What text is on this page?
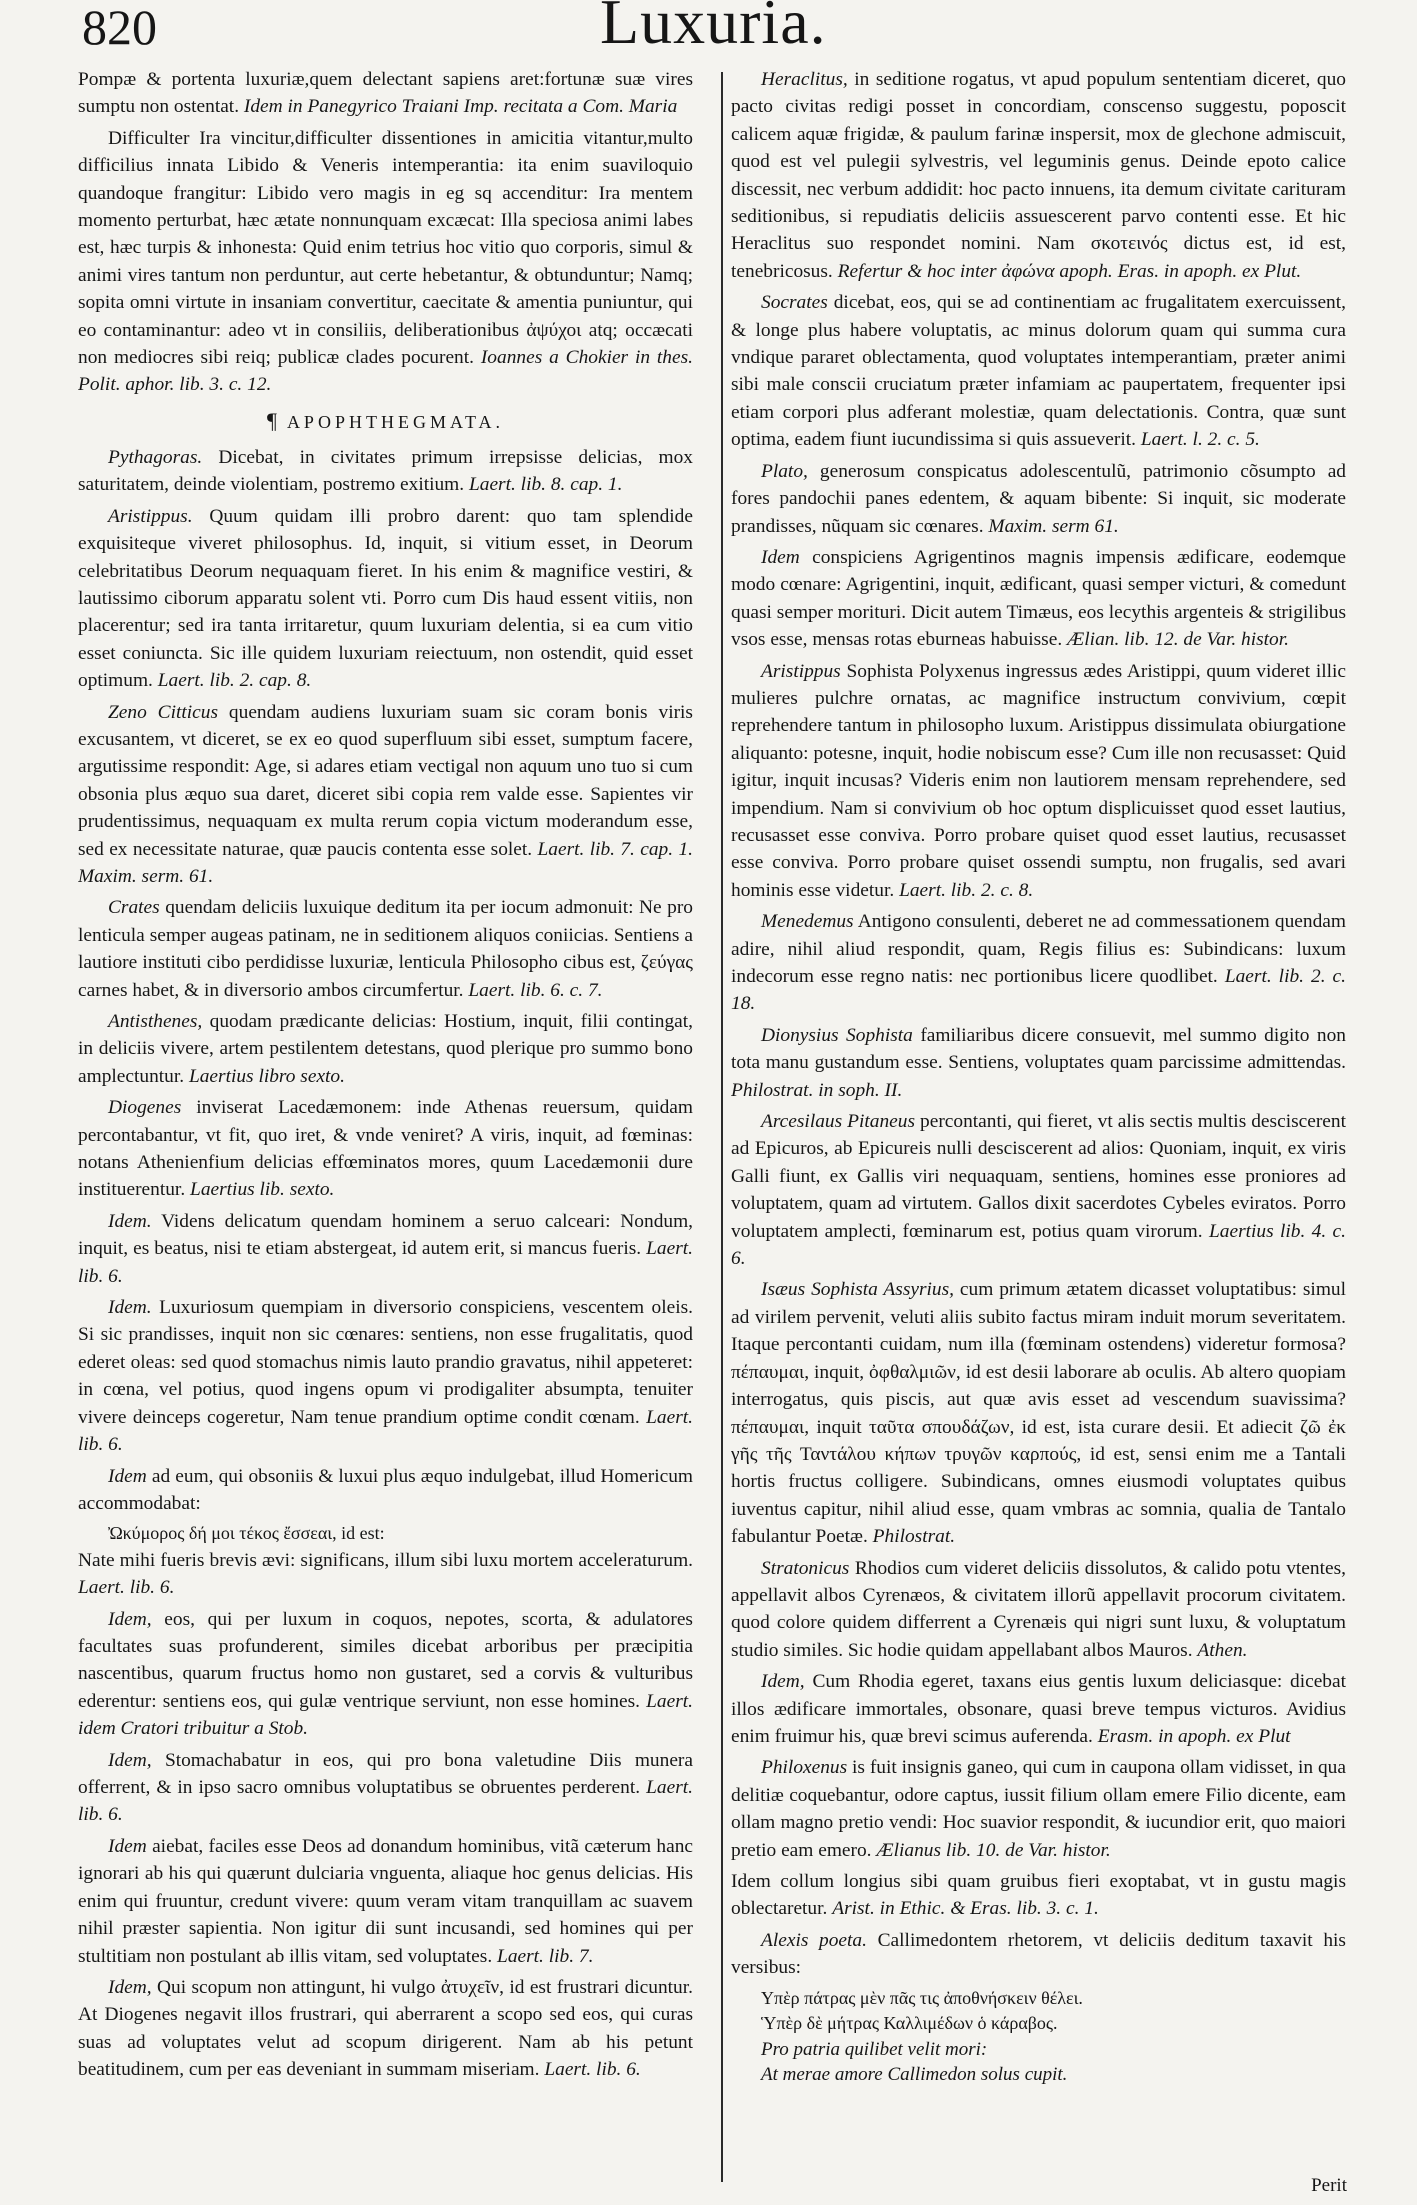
820	Luxuria.

Pompæ & portenta luxuriæ,quem delectant sapiens aret:fortunæ suæ vires sumptu non ostentat. Idem in Panegyrico Traiani Imp. recitata a Com. Maria

Difficulter Ira vincitur,difficulter dissentiones in amicitia vitantur,multo difficilius innata Libido & Veneris intemperantia: ita enim suaviloquio quandoque frangitur: Libido vero magis in eg sq accenditur: Ira mentem momento perturbat, hæc ætate nonnunquam excæcat: Illa speciosa animi labes est, hæc turpis & inhonesta: Quid enim tetrius hoc vitio quo corporis, simul & animi vires tantum non perduntur, aut certe hebetantur, & obtunduntur; Namq; sopita omni virtute in insaniam convertitur, caecitate & amentia puniuntur, qui eo contaminantur: adeo vt in consiliis, deliberationibus ἀψύχοι atq; occæcati non mediocres sibi reiq; publicæ clades pocurent. Ioannes a Chokier in thes. Polit. aphor. lib. 3. c. 12.

¶ APOPHTHEGMATA.

Pythagoras. Dicebat, in civitates primum irrepsisse delicias, mox saturitatem, deinde violentiam, postremo exitium. Laert. lib. 8. cap. 1.

Aristippus. Quum quidam illi probro darent: quo tam splendide exquisiteque viveret philosophus. Id, inquit, si vitium esset, in Deorum celebritatibus Deorum nequaquam fieret. In his enim & magnifice vestiri, & lautissimo ciborum apparatu solent vti. Porro cum Dis haud essent vitiis, non placerentur; sed ira tanta irritaretur, quum luxuriam delentia, si ea cum vitio esset coniuncta. Sic ille quidem luxuriam reiectuum, non ostendit, quid esset optimum. Laert. lib. 2. cap. 8.

Zeno Citticus quendam audiens luxuriam suam sic coram bonis viris excusantem, vt diceret, se ex eo quod superfluum sibi esset, sumptum facere, argutissime respondit: Age, si adares etiam vectigal non aquum uno tuo si cum obsonia plus æquo sua daret, diceret sibi copia rem valde esse. Sapientes vir prudentissimus, nequaquam ex multa rerum copia victum moderandum esse, sed ex necessitate naturae, quæ paucis contenta esse solet. Laert. lib. 7. cap. 1. Maxim. serm. 61.

Crates quendam deliciis luxuique deditum ita per iocum admonuit: Ne pro lenticula semper augeas patinam, ne in seditionem aliquos coniicias. Sentiens a lautiore instituti cibo perdidisse luxuriæ, lenticula Philosopho cibus est, ζεύγας carnes habet, & in diversorio ambos circumfertur. Laert. lib. 6. c. 7.

Antisthenes, quodam prædicante delicias: Hostium, inquit, filii contingat, in deliciis vivere, artem pestilentem detestans, quod plerique pro summo bono amplectuntur. Laertius libro sexto.

Diogenes inviserat Lacedæmonem: inde Athenas reuersum, quidam percontabantur, vt fit, quo iret, & vnde veniret? A viris, inquit, ad fœminas: notans Athenienfium delicias effœminatos mores, quum Lacedæmonii dure instituerentur. Laertius lib. sexto.

Idem. Videns delicatum quendam hominem a seruo calceari: Nondum, inquit, es beatus, nisi te etiam abstergeat, id autem erit, si mancus fueris. Laert. lib. 6.

Idem. Luxuriosum quempiam in diversorio conspiciens, vescentem oleis. Si sic prandisses, inquit non sic cœnares: sentiens, non esse frugalitatis, quod ederet oleas: sed quod stomachus nimis lauto prandio gravatus, nihil appeteret: in cœna, vel potius, quod ingens opum vi prodigaliter absumpta, tenuiter vivere deinceps cogeretur, Nam tenue prandium optime condit cœnam. Laert. lib. 6.

Idem ad eum, qui obsoniis & luxui plus æquo indulgebat, illud Homericum accommodabat:

Ὠκύμορος δή μοι τέκος ἔσσεαι, id est:

Nate mihi fueris brevis ævi: significans, illum sibi luxu mortem acceleraturum. Laert. lib. 6.

Idem, eos, qui per luxum in coquos, nepotes, scorta, & adulatores facultates suas profunderent, similes dicebat arboribus per præcipitia nascentibus, quarum fructus homo non gustaret, sed a corvis & vulturibus ederentur: sentiens eos, qui gulæ ventrique serviunt, non esse homines. Laert. idem Cratori tribuitur a Stob.

Idem, Stomachabatur in eos, qui pro bona valetudine Diis munera offerrent, & in ipso sacro omnibus voluptatibus se obruentes perderent. Laert. lib. 6.

Idem aiebat, faciles esse Deos ad donandum hominibus, vitã cæterum hanc ignorari ab his qui quærunt dulciaria vnguenta, aliaque hoc genus delicias. His enim qui fruuntur, credunt vivere: quum veram vitam tranquillam ac suavem nihil præster sapientia. Non igitur dii sunt incusandi, sed homines qui per stultitiam non postulant ab illis vitam, sed voluptates. Laert. lib. 7.

Idem, Qui scopum non attingunt, hi vulgo ἀτυχεῖν, id est frustrari dicuntur. At Diogenes negavit illos frustrari, qui aberrarent a scopo sed eos, qui curas suas ad voluptates velut ad scopum dirigerent. Nam ab his petunt beatitudinem, cum per eas deveniant in summam miseriam. Laert. lib. 6.

Heraclitus, in seditione rogatus, vt apud populum sententiam diceret, quo pacto civitas redigi posset in concordiam, conscenso suggestu, poposcit calicem aquæ frigidæ, & paulum farinæ inspersit, mox de glechone admiscuit, quod est vel pulegii sylvestris, vel leguminis genus. Deinde epoto calice discessit, nec verbum addidit: hoc pacto innuens, ita demum civitate carituram seditionibus, si repudiatis deliciis assuescerent parvo contenti esse. Et hic Heraclitus suo respondet nomini. Nam σκοτεινός dictus est, id est, tenebricosus. Refertur & hoc inter ἀφώνα apoph. Eras. in apoph. ex Plut.

Socrates dicebat, eos, qui se ad continentiam ac frugalitatem exercuissent, & longe plus habere voluptatis, ac minus dolorum quam qui summa cura vndique pararet oblectamenta, quod voluptates intemperantiam, præter animi sibi male conscii cruciatum præter infamiam ac paupertatem, frequenter ipsi etiam corpori plus adferant molestiæ, quam delectationis. Contra, quæ sunt optima, eadem fiunt iucundissima si quis assueverit. Laert. l. 2. c. 5.

Plato, generosum conspicatus adolescentulũ, patrimonio cõsumpto ad fores pandochii panes edentem, & aquam bibente: Si inquit, sic moderate prandisses, nũquam sic cœnares. Maxim. serm 61.

Idem conspiciens Agrigentinos magnis impensis ædificare, eodemque modo cœnare: Agrigentini, inquit, ædificant, quasi semper victuri, & comedunt quasi semper morituri. Dicit autem Timæus, eos lecythis argenteis & strigilibus vsos esse, mensas rotas eburneas habuisse. Ælian. lib. 12. de Var. histor.

Aristippus Sophista Polyxenus ingressus ædes Aristippi, quum videret illic mulieres pulchre ornatas, ac magnifice instructum convivium, cœpit reprehendere tantum in philosopho luxum. Aristippus dissimulata obiurgatione aliquanto: potesne, inquit, hodie nobiscum esse? Cum ille non recusasset: Quid igitur, inquit incusas? Videris enim non lautiorem mensam reprehendere, sed impendium. Nam si convivium ob hoc optum displicuisset quod esset lautius, recusasset esse conviva. Porro probare quiset quod esset lautius, recusasset esse conviva. Porro probare quiset ossendi sumptu, non frugalis, sed avari hominis esse videtur. Laert. lib. 2. c. 8.

Menedemus Antigono consulenti, deberet ne ad commessationem quendam adire, nihil aliud respondit, quam, Regis filius es: Subindicans: luxum indecorum esse regno natis: nec portionibus licere quodlibet. Laert. lib. 2. c. 18.

Dionysius Sophista familiaribus dicere consuevit, mel summo digito non tota manu gustandum esse. Sentiens, voluptates quam parcissime admittendas. Philostrat. in soph. II.

Arcesilaus Pitaneus percontanti, qui fieret, vt alis sectis multis desciscerent ad Epicuros, ab Epicureis nulli desciscerent ad alios: Quoniam, inquit, ex viris Galli fiunt, ex Gallis viri nequaquam, sentiens, homines esse proniores ad voluptatem, quam ad virtutem. Gallos dixit sacerdotes Cybeles eviratos. Porro voluptatem amplecti, fœminarum est, potius quam virorum. Laertius lib. 4. c. 6.

Isæus Sophista Assyrius, cum primum ætatem dicasset voluptatibus: simul ad virilem pervenit, veluti aliis subito factus miram induit morum severitatem. Itaque percontanti cuidam, num illa (fœminam ostendens) videretur formosa? πέπαυμαι, inquit, ὀφθαλμιῶν, id est desii laborare ab oculis. Ab altero quopiam interrogatus, quis piscis, aut quæ avis esset ad vescendum suavissima? πέπαυμαι, inquit ταῦτα σπουδάζων, id est, ista curare desii. Et adiecit ζῶ ἐκ γῆς τῆς Ταντάλου κήπων τρυγῶν καρπούς, id est, sensi enim me a Tantali hortis fructus colligere. Subindicans, omnes eiusmodi voluptates quibus iuventus capitur, nihil aliud esse, quam vmbras ac somnia, qualia de Tantalo fabulantur Poetæ. Philostrat.

Stratonicus Rhodios cum videret deliciis dissolutos, & calido potu vtentes, appellavit albos Cyrenæos, & civitatem illorũ appellavit procorum civitatem. quod colore quidem differrent a Cyrenæis qui nigri sunt luxu, & voluptatum studio similes. Sic hodie quidam appellabant albos Mauros. Athen.

Idem, Cum Rhodia egeret, taxans eius gentis luxum deliciasque: dicebat illos ædificare immortales, obsonare, quasi breve tempus victuros. Avidius enim fruimur his, quæ brevi scimus auferenda. Erasm. in apoph. ex Plut

Philoxenus is fuit insignis ganeo, qui cum in caupona ollam vidisset, in qua delitiæ coquebantur, odore captus, iussit filium ollam emere Filio dicente, eam ollam magno pretio vendi: Hoc suavior respondit, & iucundior erit, quo maiori pretio eam emero. Ælianus lib. 10. de Var. histor.

Idem collum longius sibi quam gruibus fieri exoptabat, vt in gustu magis oblectaretur. Arist. in Ethic. & Eras. lib. 3. c. 1.

Alexis poeta. Callimedontem rhetorem, vt deliciis deditum taxavit his versibus:

Υπὲρ πάτρας μὲν πᾶς τις ἀποθνήσκειν θέλει.
Ὑπὲρ δὲ μήτρας Καλλιμέδων ὁ κάραβος.
Pro patria quilibet velit mori:
At merae amore Callimedon solus cupit.
Perit
